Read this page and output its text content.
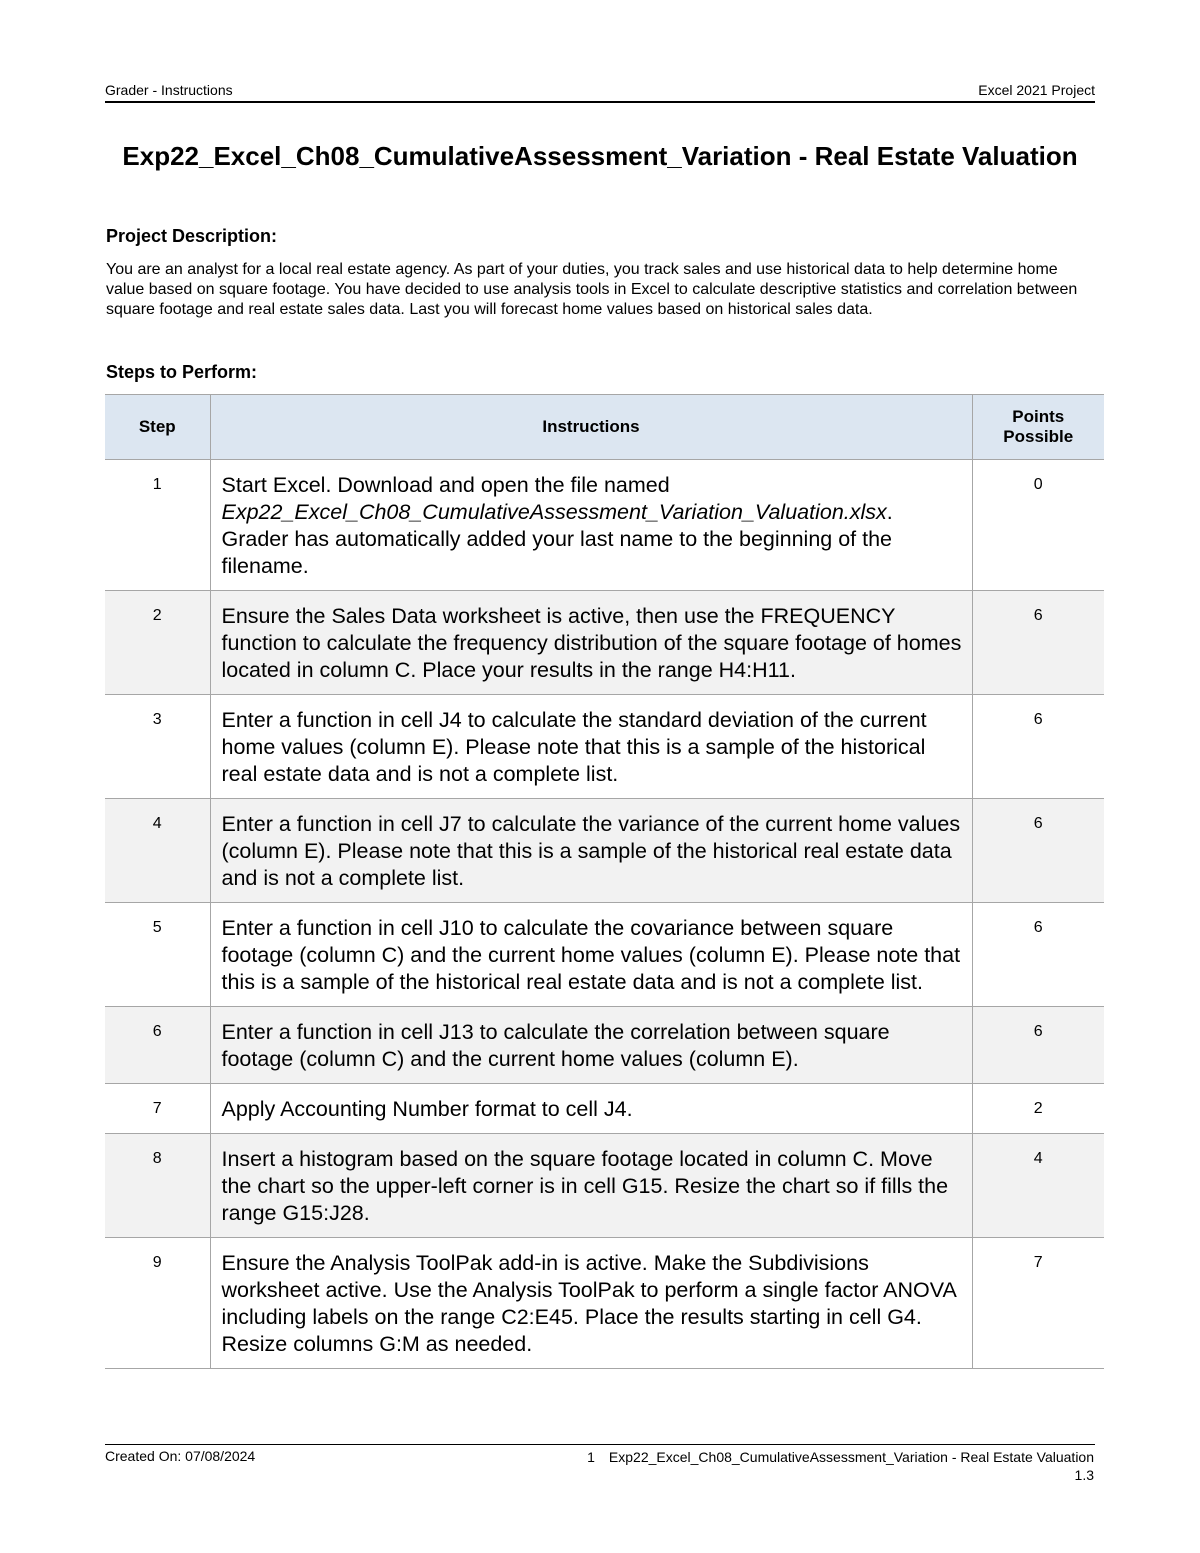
Grader - Instructions	Excel 2021 Project
Exp22_Excel_Ch08_CumulativeAssessment_Variation - Real Estate Valuation
Project Description:
You are an analyst for a local real estate agency. As part of your duties, you track sales and use historical data to help determine home value based on square footage. You have decided to use analysis tools in Excel to calculate descriptive statistics and correlation between square footage and real estate sales data. Last you will forecast home values based on historical sales data.
Steps to Perform:
Step	Instructions	Points Possible
1	Start Excel. Download and open the file named Exp22_Excel_Ch08_CumulativeAssessment_Variation_Valuation.xlsx. Grader has automatically added your last name to the beginning of the filename.	0
2	Ensure the Sales Data worksheet is active, then use the FREQUENCY function to calculate the frequency distribution of the square footage of homes located in column C. Place your results in the range H4:H11.	6
3	Enter a function in cell J4 to calculate the standard deviation of the current home values (column E). Please note that this is a sample of the historical real estate data and is not a complete list.	6
4	Enter a function in cell J7 to calculate the variance of the current home values (column E). Please note that this is a sample of the historical real estate data and is not a complete list.	6
5	Enter a function in cell J10 to calculate the covariance between square footage (column C) and the current home values (column E). Please note that this is a sample of the historical real estate data and is not a complete list.	6
6	Enter a function in cell J13 to calculate the correlation between square footage (column C) and the current home values (column E).	6
7	Apply Accounting Number format to cell J4.	2
8	Insert a histogram based on the square footage located in column C. Move the chart so the upper-left corner is in cell G15. Resize the chart so if fills the range G15:J28.	4
9	Ensure the Analysis ToolPak add-in is active. Make the Subdivisions worksheet active. Use the Analysis ToolPak to perform a single factor ANOVA including labels on the range C2:E45. Place the results starting in cell G4. Resize columns G:M as needed.	7
Created On: 07/08/2024	1 Exp22_Excel_Ch08_CumulativeAssessment_Variation - Real Estate Valuation 1.3
